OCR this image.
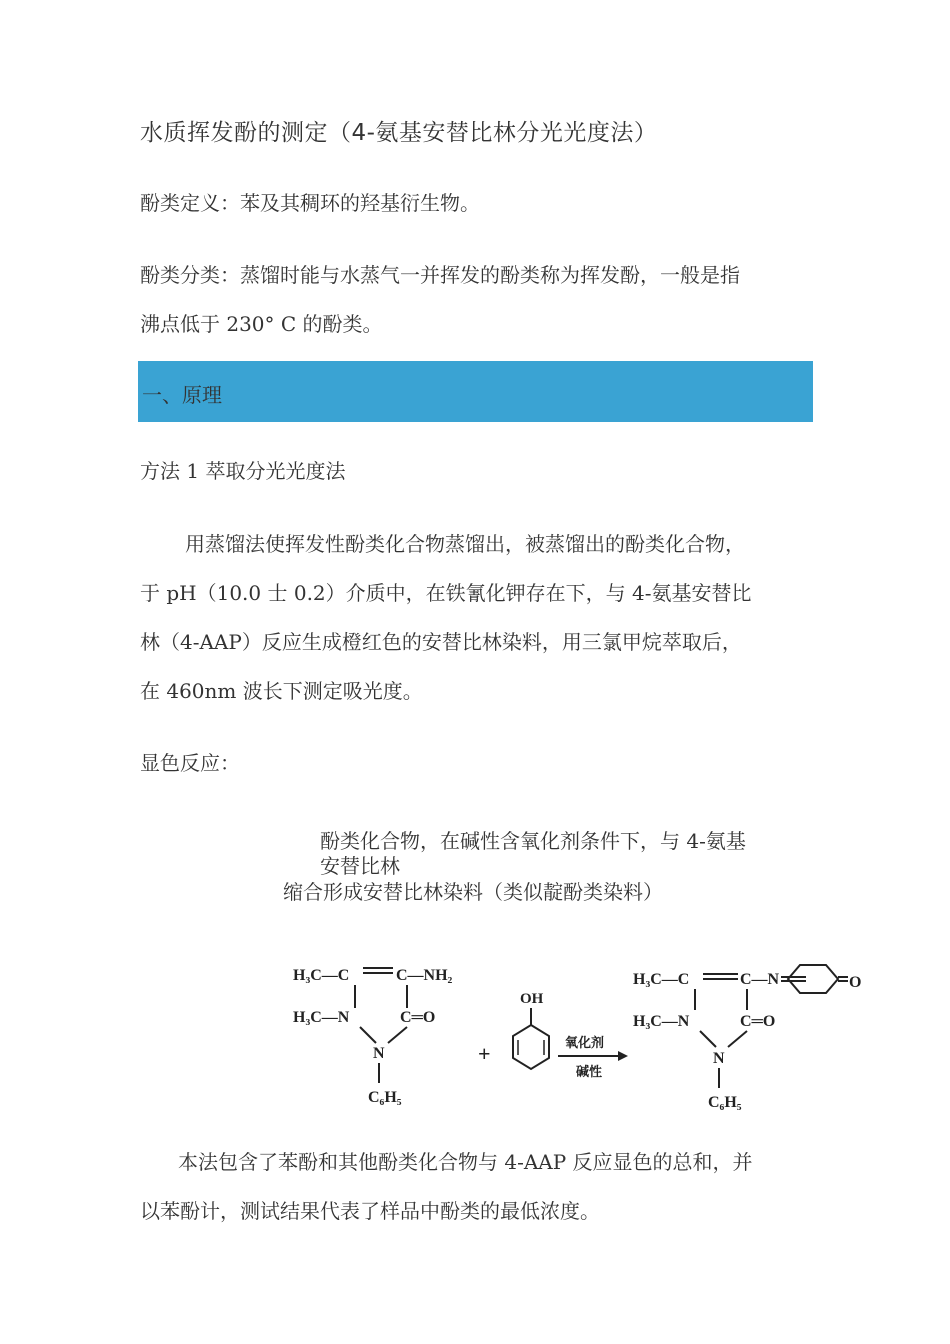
水质挥发酚的测定（4-氨基安替比林分光光度法）
酚类定义：苯及其稠环的羟基衍生物。
酚类分类：蒸馏时能与水蒸气一并挥发的酚类称为挥发酚，一般是指
沸点低于 230° C 的酚类。
一、原理
方法 1 萃取分光光度法
用蒸馏法使挥发性酚类化合物蒸馏出，被蒸馏出的酚类化合物，
于 pH（10.0 士 0.2）介质中，在铁氰化钾存在下，与 4-氨基安替比
林（4-AAP）反应生成橙红色的安替比林染料，用三氯甲烷萃取后，
在 460nm 波长下测定吸光度。
显色反应：
酚类化合物，在碱性含氧化剂条件下，与 4-氨基
安替比林
缩合形成安替比林染料（类似靛酚类染料）
H₃C—C	C—NH₂
H₃C—N	C═O
N
C₆H₅
+
OH
氧化剂
碱性
H₃C—C	C—N	O
H₃C—N	C═O
N
C₆H₅
本法包含了苯酚和其他酚类化合物与 4-AAP 反应显色的总和，并
以苯酚计，测试结果代表了样品中酚类的最低浓度。
